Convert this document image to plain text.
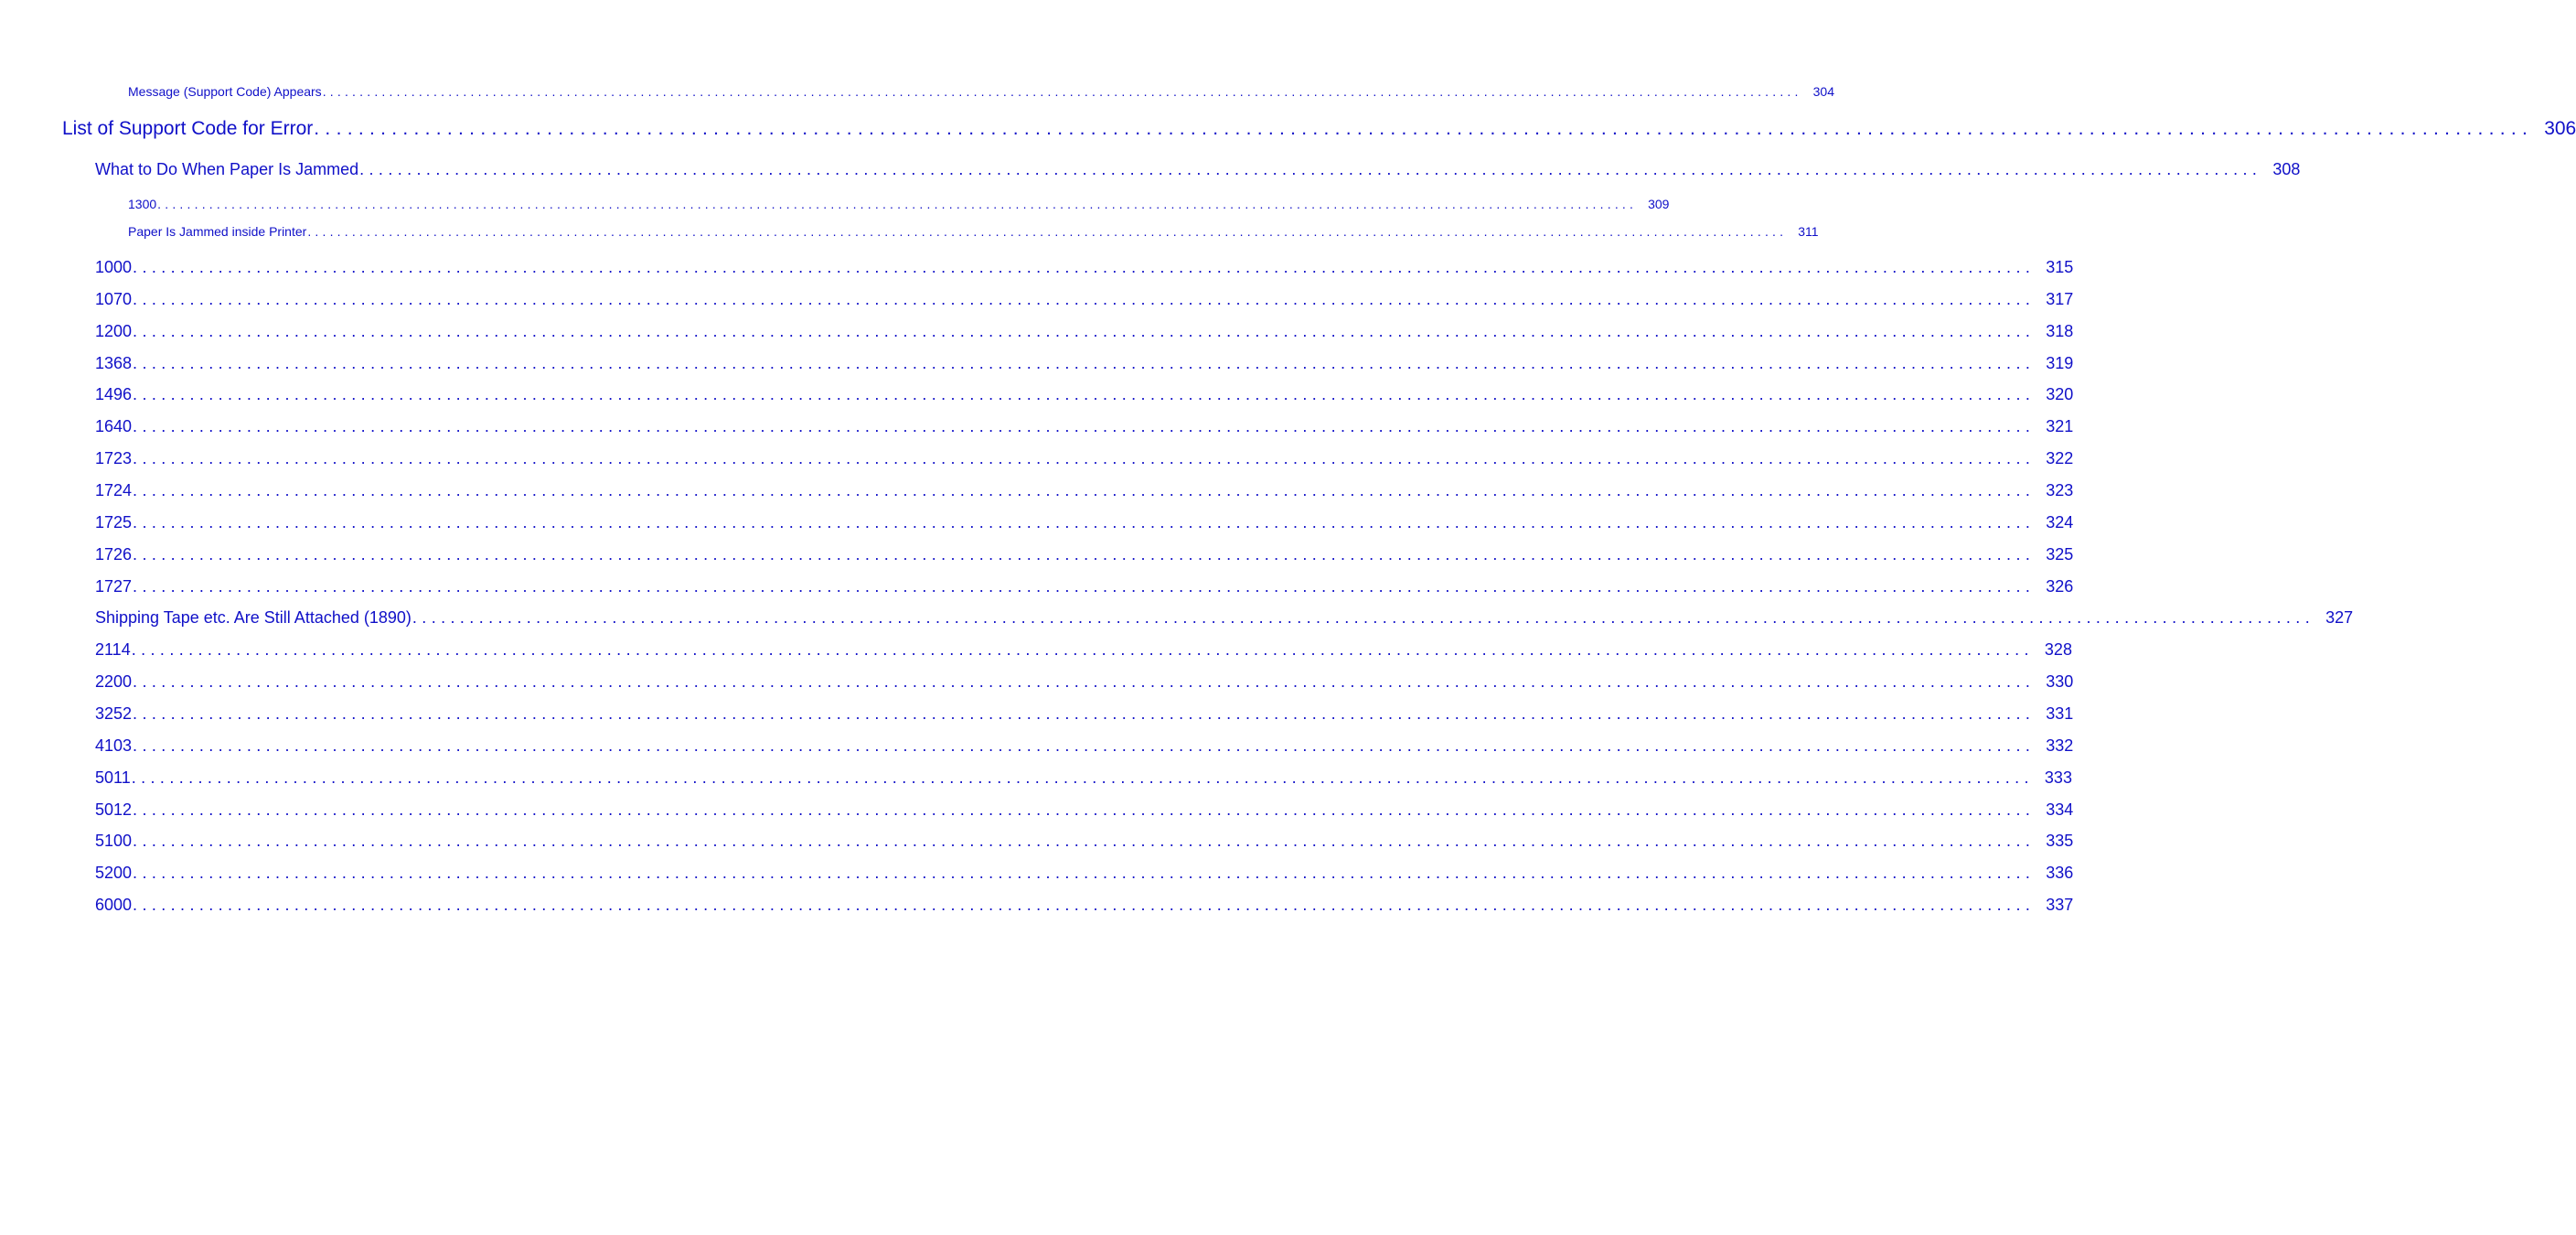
Message (Support Code) Appears ........................................................................................................................................................................................................ 304
List of Support Code for Error ........................................................................................................................................................................................................ 306
What to Do When Paper Is Jammed ........................................................................................................................................................................................................ 308
1300 ........................................................................................................................................................................................................ 309
Paper Is Jammed inside Printer ........................................................................................................................................................................................................ 311
1000 ........................................................................................................................................................................................................ 315
1070 ........................................................................................................................................................................................................ 317
1200 ........................................................................................................................................................................................................ 318
1368 ........................................................................................................................................................................................................ 319
1496 ........................................................................................................................................................................................................ 320
1640 ........................................................................................................................................................................................................ 321
1723 ........................................................................................................................................................................................................ 322
1724 ........................................................................................................................................................................................................ 323
1725 ........................................................................................................................................................................................................ 324
1726 ........................................................................................................................................................................................................ 325
1727 ........................................................................................................................................................................................................ 326
Shipping Tape etc. Are Still Attached (1890) ........................................................................................................................................................................................................ 327
2114 ........................................................................................................................................................................................................ 328
2200 ........................................................................................................................................................................................................ 330
3252 ........................................................................................................................................................................................................ 331
4103 ........................................................................................................................................................................................................ 332
5011 ........................................................................................................................................................................................................ 333
5012 ........................................................................................................................................................................................................ 334
5100 ........................................................................................................................................................................................................ 335
5200 ........................................................................................................................................................................................................ 336
6000 ........................................................................................................................................................................................................ 337
